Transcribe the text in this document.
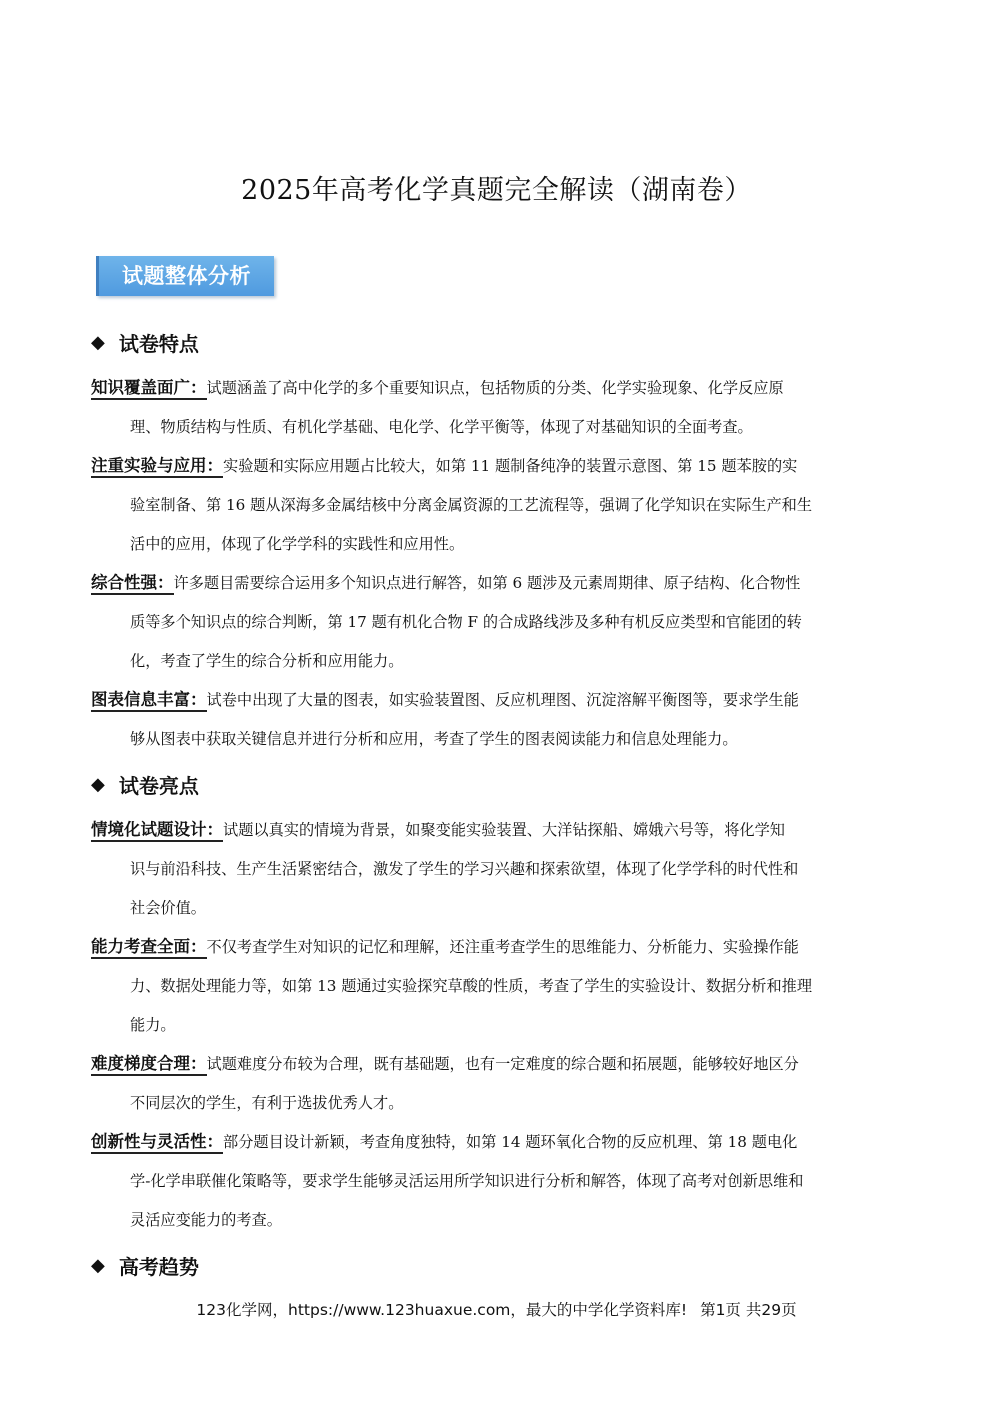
2025年高考化学真题完全解读（湖南卷）
试题整体分析
◆ 试卷特点
知识覆盖面广：试题涵盖了高中化学的多个重要知识点，包括物质的分类、化学实验现象、化学反应原
理、物质结构与性质、有机化学基础、电化学、化学平衡等，体现了对基础知识的全面考查。
注重实验与应用：实验题和实际应用题占比较大，如第 11 题制备纯净的装置示意图、第 15 题苯胺的实
验室制备、第 16 题从深海多金属结核中分离金属资源的工艺流程等，强调了化学知识在实际生产和生
活中的应用，体现了化学学科的实践性和应用性。
综合性强：许多题目需要综合运用多个知识点进行解答，如第 6 题涉及元素周期律、原子结构、化合物性
质等多个知识点的综合判断，第 17 题有机化合物 F 的合成路线涉及多种有机反应类型和官能团的转
化，考查了学生的综合分析和应用能力。
图表信息丰富：试卷中出现了大量的图表，如实验装置图、反应机理图、沉淀溶解平衡图等，要求学生能
够从图表中获取关键信息并进行分析和应用，考查了学生的图表阅读能力和信息处理能力。
◆ 试卷亮点
情境化试题设计：试题以真实的情境为背景，如聚变能实验装置、大洋钻探船、嫦娥六号等，将化学知
识与前沿科技、生产生活紧密结合，激发了学生的学习兴趣和探索欲望，体现了化学学科的时代性和
社会价值。
能力考查全面：不仅考查学生对知识的记忆和理解，还注重考查学生的思维能力、分析能力、实验操作能
力、数据处理能力等，如第 13 题通过实验探究草酸的性质，考查了学生的实验设计、数据分析和推理
能力。
难度梯度合理：试题难度分布较为合理，既有基础题，也有一定难度的综合题和拓展题，能够较好地区分
不同层次的学生，有利于选拔优秀人才。
创新性与灵活性：部分题目设计新颖，考查角度独特，如第 14 题环氧化合物的反应机理、第 18 题电化
学-化学串联催化策略等，要求学生能够灵活运用所学知识进行分析和解答，体现了高考对创新思维和
灵活应变能力的考查。
◆ 高考趋势
123化学网，https://www.123huaxue.com，最大的中学化学资料库! 第1页 共29页
